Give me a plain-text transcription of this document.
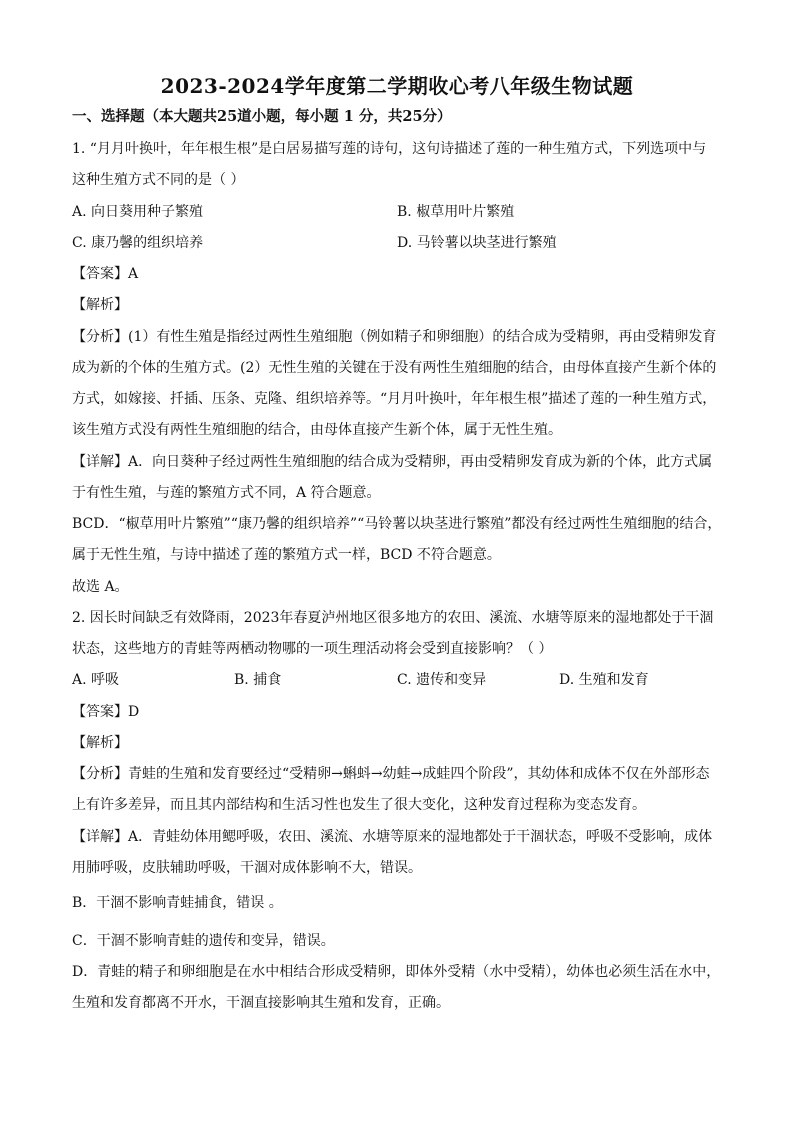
2023-2024学年度第二学期收心考八年级生物试题
一、选择题（本大题共25道小题，每小题 1 分，共25分）
1. “月月叶换叶，年年根生根”是白居易描写莲的诗句，这句诗描述了莲的一种生殖方式，下列选项中与
这种生殖方式不同的是（ ）
A. 向日葵用种子繁殖	B. 椒草用叶片繁殖
C. 康乃馨的组织培养	D. 马铃薯以块茎进行繁殖
【答案】A
【解析】
【分析】(1）有性生殖是指经过两性生殖细胞（例如精子和卵细胞）的结合成为受精卵，再由受精卵发育
成为新的个体的生殖方式。(2）无性生殖的关键在于没有两性生殖细胞的结合，由母体直接产生新个体的
方式，如嫁接、扦插、压条、克隆、组织培养等。“月月叶换叶，年年根生根”描述了莲的一种生殖方式，
该生殖方式没有两性生殖细胞的结合，由母体直接产生新个体，属于无性生殖。
【详解】A．向日葵种子经过两性生殖细胞的结合成为受精卵，再由受精卵发育成为新的个体，此方式属
于有性生殖，与莲的繁殖方式不同，A 符合题意。
BCD．“椒草用叶片繁殖”“康乃馨的组织培养”“马铃薯以块茎进行繁殖”都没有经过两性生殖细胞的结合，
属于无性生殖，与诗中描述了莲的繁殖方式一样，BCD 不符合题意。
故选 A。
2. 因长时间缺乏有效降雨，2023年春夏泸州地区很多地方的农田、溪流、水塘等原来的湿地都处于干涸
状态，这些地方的青蛙等两栖动物哪的一项生理活动将会受到直接影响？（ ）
A. 呼吸	B. 捕食	C. 遗传和变异	D. 生殖和发育
【答案】D
【解析】
【分析】青蛙的生殖和发育要经过“受精卵→蝌蚪→幼蛙→成蛙四个阶段”，其幼体和成体不仅在外部形态
上有许多差异，而且其内部结构和生活习性也发生了很大变化，这种发育过程称为变态发育。
【详解】A．青蛙幼体用鳃呼吸，农田、溪流、水塘等原来的湿地都处于干涸状态，呼吸不受影响，成体
用肺呼吸，皮肤辅助呼吸，干涸对成体影响不大，错误。
B．干涸不影响青蛙捕食，错误 。
C．干涸不影响青蛙的遗传和变异，错误。
D．青蛙的精子和卵细胞是在水中相结合形成受精卵，即体外受精（水中受精），幼体也必须生活在水中，
生殖和发育都离不开水，干涸直接影响其生殖和发育，正确。
